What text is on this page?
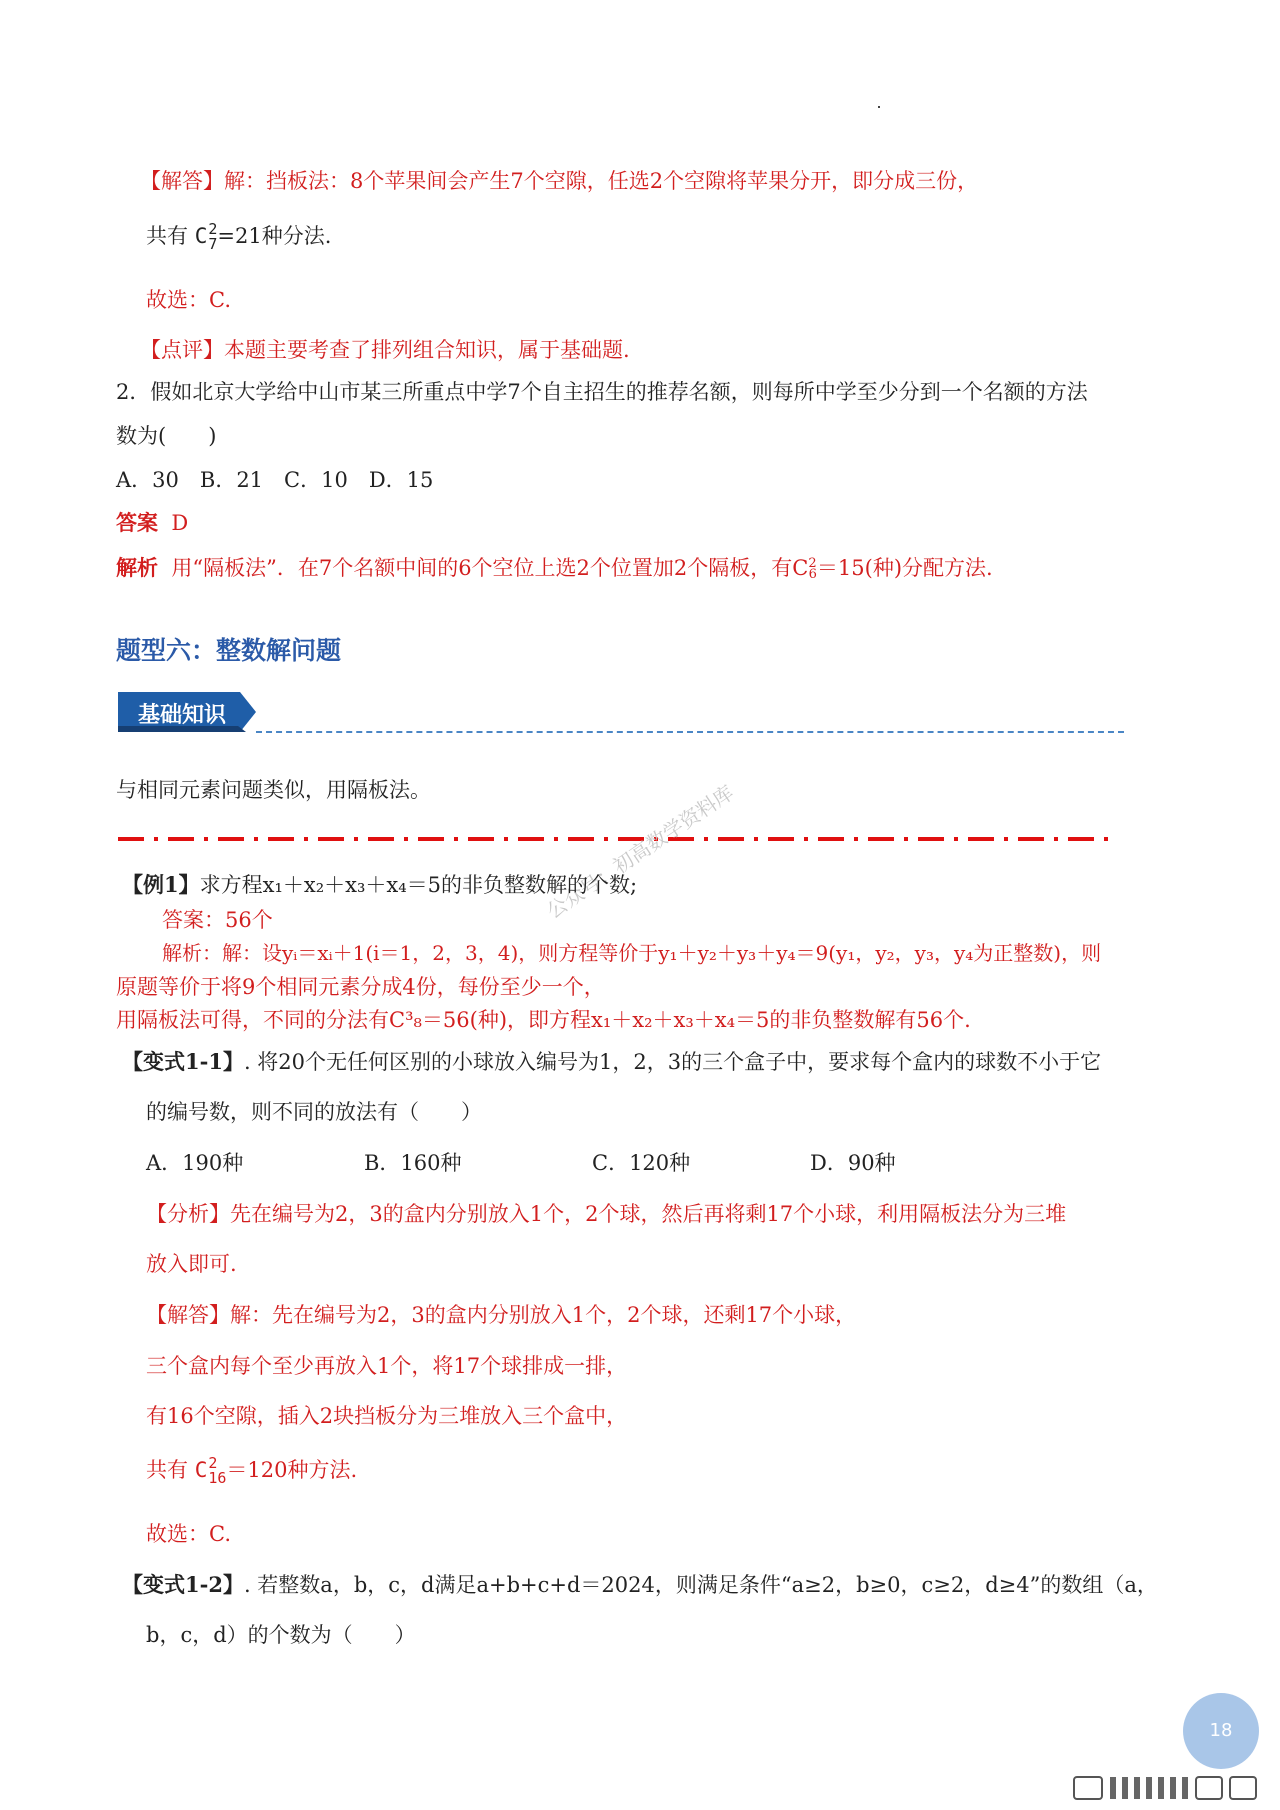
【解答】解：挡板法：8个苹果间会产生7个空隙，任选2个空隙将苹果分开，即分成三份，
共有 C 2
7 =21种分法.
故选：C.
【点评】本题主要考查了排列组合知识，属于基础题.
2．假如北京大学给中山市某三所重点中学7个自主招生的推荐名额，则每所中学至少分到一个名额的方法
数为(　　)
A．30　B．21　C．10　D．15
答案 D
解析 用“隔板法”．在7个名额中间的6个空位上选2个位置加2个隔板，有$C^2_6=15$(种)分配方法.
题型六：整数解问题
基础知识
与相同元素问题类似，用隔板法。	公众号：初高数学资料库
【例1】求方程x₁＋x₂＋x₃＋x₄＝5的非负整数解的个数;
答案：56个
解析：解：设yᵢ＝xᵢ＋1(i＝1，2，3，4)，则方程等价于y₁＋y₂＋y₃＋y₄＝9(y₁，y₂，y₃，y₄为正整数)，则
原题等价于将9个相同元素分成4份，每份至少一个，
用隔板法可得，不同的分法有C³₈＝56(种)，即方程x₁＋x₂＋x₃＋x₄＝5的非负整数解有56个.
【变式1-1】. 将20个无任何区别的小球放入编号为1，2，3的三个盒子中，要求每个盒内的球数不小于它
的编号数，则不同的放法有（　　）
A．190种	B．160种	C．120种	D．90种
【分析】先在编号为2，3的盒内分别放入1个，2个球，然后再将剩17个小球，利用隔板法分为三堆
放入即可.
【解答】解：先在编号为2，3的盒内分别放入1个，2个球，还剩17个小球，
三个盒内每个至少再放入1个，将17个球排成一排，
有16个空隙，插入2块挡板分为三堆放入三个盒中，
共有 C 2
16 ＝120种方法.
故选：C.
【变式1-2】. 若整数a，b，c，d满足a+b+c+d＝2024，则满足条件“a≥2，b≥0，c≥2，d≥4”的数组（a，
b，c，d）的个数为（　　）
18
